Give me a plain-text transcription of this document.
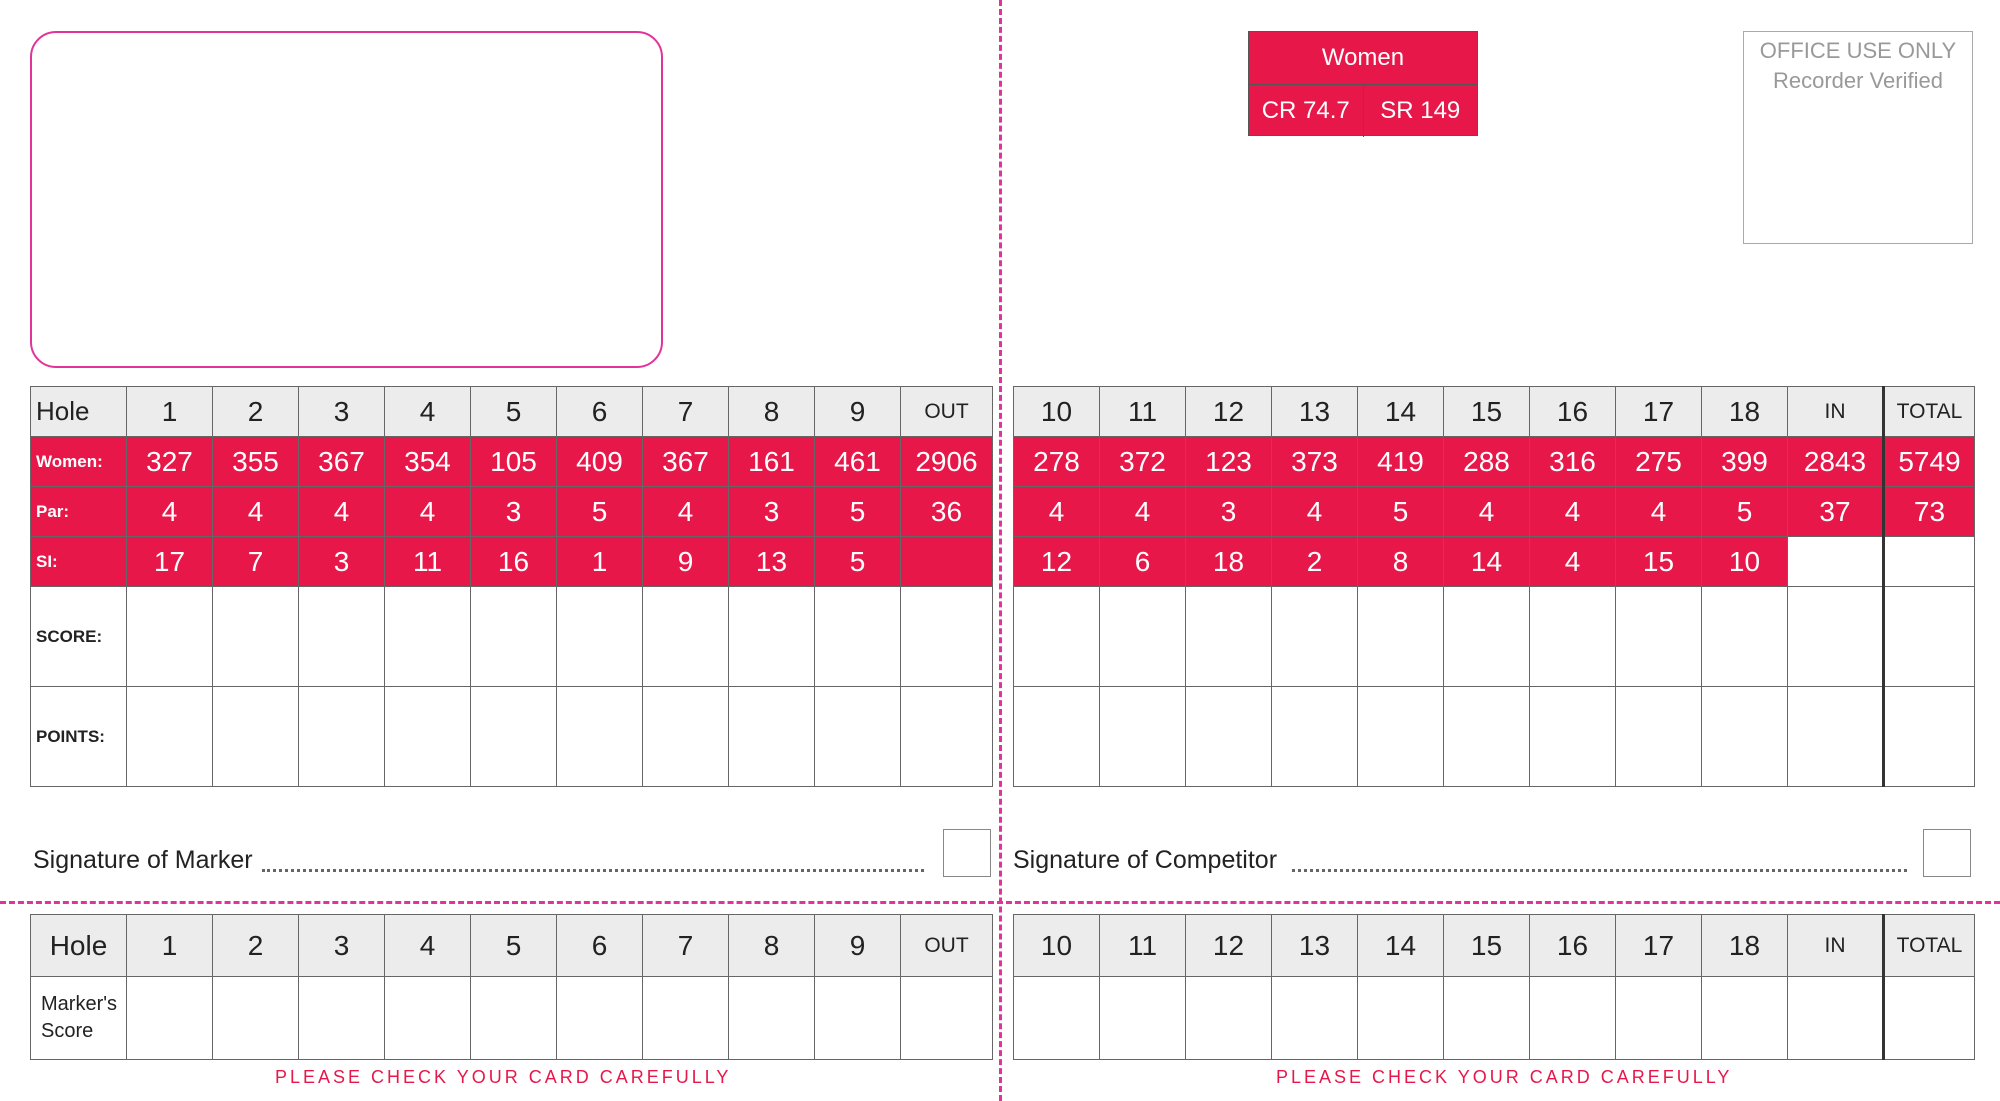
Women
CR 74.7	SR 149
OFFICE USE ONLY
Recorder Verified
Hole	1	2	3	4	5	6	7	8	9	OUT
Women:	327	355	367	354	105	409	367	161	461	2906
Par:	4	4	4	4	3	5	4	3	5	36
SI:	17	7	3	11	16	1	9	13	5	
SCORE:										
POINTS:										
10	11	12	13	14	15	16	17	18	IN	TOTAL
278	372	123	373	419	288	316	275	399	2843	5749
4	4	3	4	5	4	4	4	5	37	73
12	6	18	2	8	14	4	15	10		

Signature of Marker	Signature of Competitor
Hole	1	2	3	4	5	6	7	8	9	OUT
Marker's Score										
10	11	12	13	14	15	16	17	18	IN	TOTAL

PLEASE CHECK YOUR CARD CAREFULLY	PLEASE CHECK YOUR CARD CAREFULLY
